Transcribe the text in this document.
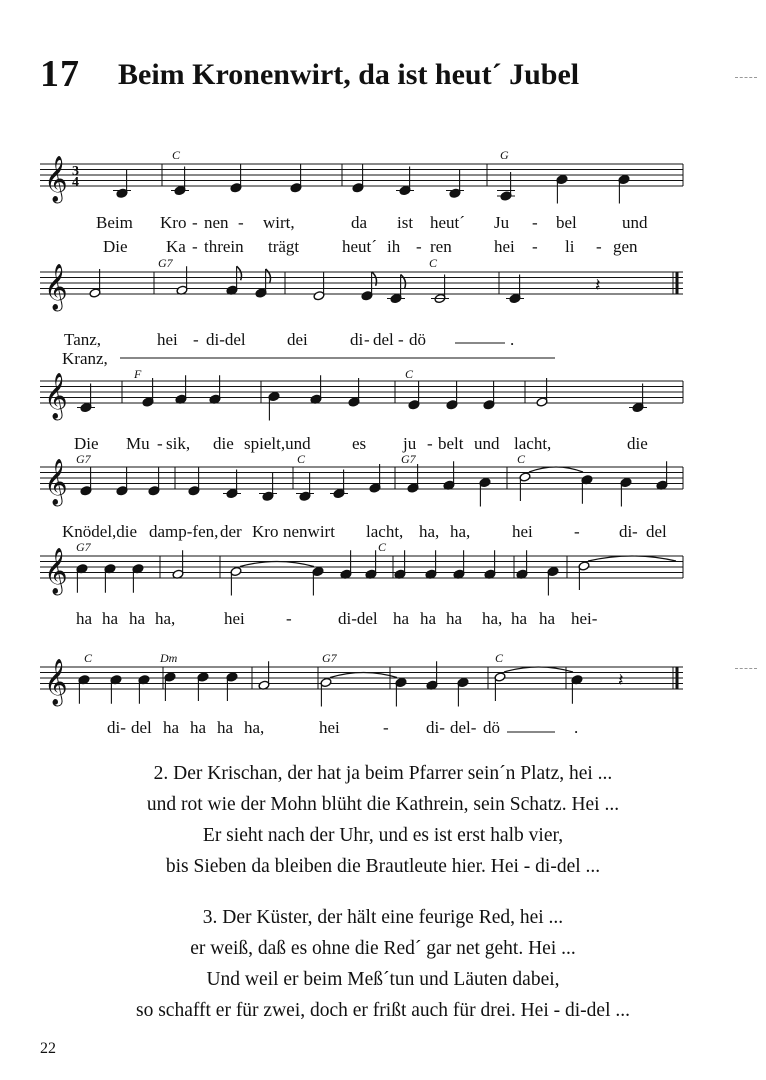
17 Beim Kronenwirt, da ist heut´ Jubel
𝄞
𝄞
𝄞
𝄞
𝄞
𝄞
3
4
𝄽
𝄽
C	G
Beim Kro - nen - wirt,	da ist heut´ Ju - bel	und
Die Ka - threin trägt	heut´ ih - ren hei - li - gen
G7	C
Tanz,	hei - di-del dei di - del - dö	.
Kranz,
F	C
Die Mu - sik, die spielt,und es ju - belt und lacht,	die
G7	C	G7	C
Knödel,die damp-fen, der Kro nenwirt lacht, ha, ha, hei - di - del
G7	C
ha ha ha ha,	hei -	di-del ha ha ha ha, ha ha hei-
C	Dm	G7	C
di- del ha ha ha ha,	hei	- di- del- dö	.
2. Der Krischan, der hat ja beim Pfarrer sein´n Platz, hei ...
und rot wie der Mohn blüht die Kathrein, sein Schatz. Hei ...
Er sieht nach der Uhr, und es ist erst halb vier,
bis Sieben da bleiben die Brautleute hier. Hei - di-del ...
3. Der Küster, der hält eine feurige Red, hei ...
er weiß, daß es ohne die Red´ gar net geht. Hei ...
Und weil er beim Meß´tun und Läuten dabei,
so schafft er für zwei, doch er frißt auch für drei. Hei - di-del ...
22
